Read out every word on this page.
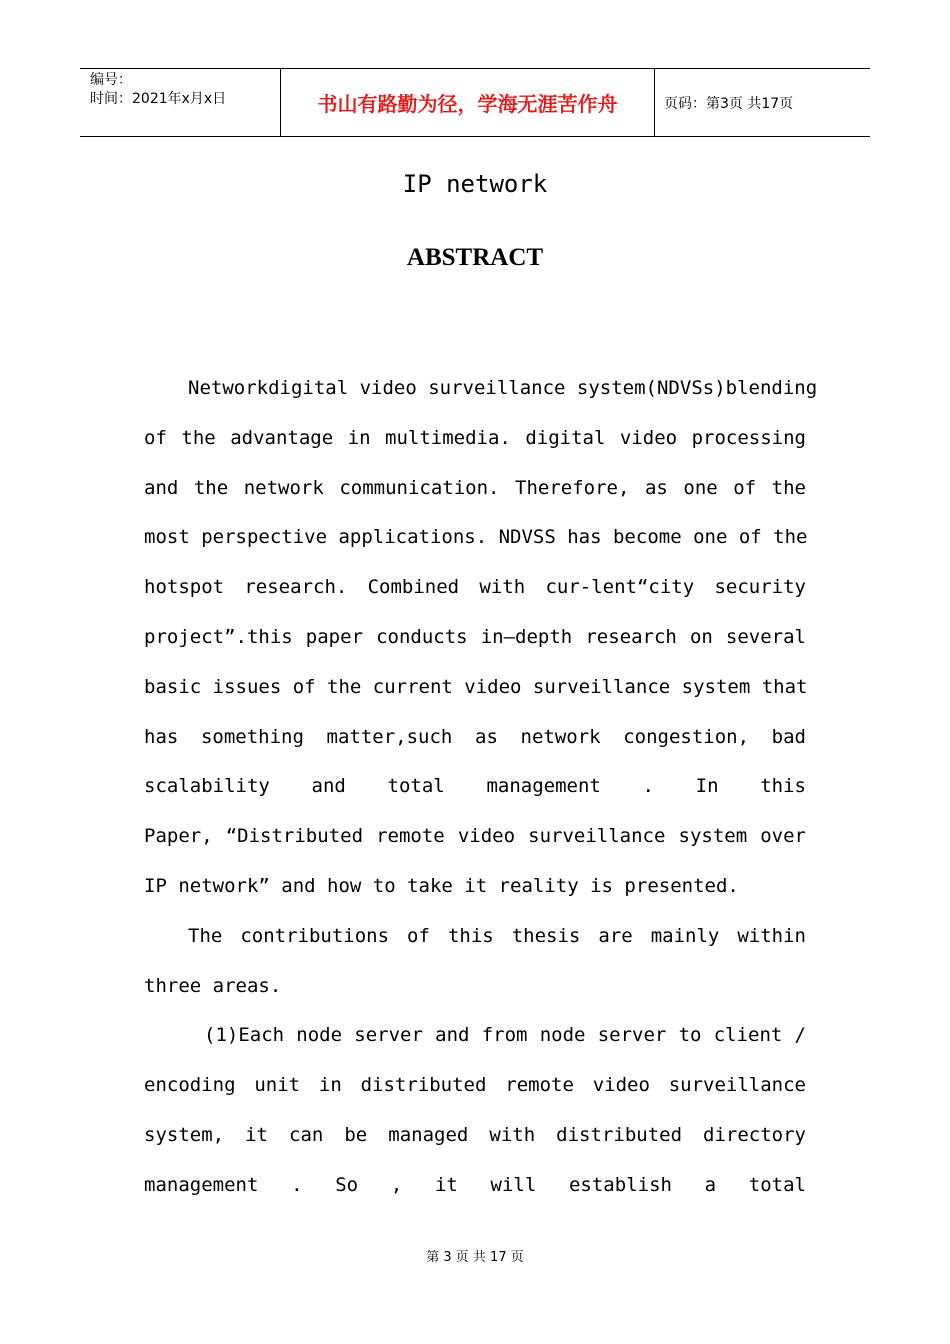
编号：
时间：2021年x月x日	书山有路勤为径，学海无涯苦作舟	页码：第3页 共17页
IP network
ABSTRACT
Networkdigital video surveillance system(NDVSs)blending
of the advantage in multimedia. digital video processing
and the network communication. Therefore, as one of the
most perspective applications. NDVSS has become one of the
hotspot research. Combined with cur-lent“city security
project”.this paper conducts in—depth research on several
basic issues of the current video surveillance system that
has something matter,such as network congestion, bad
scalability and total management . In this
Paper, “Distributed remote video surveillance system over
IP network” and how to take it reality is presented.
The contributions of this thesis are mainly within
three areas.
(1)Each node server and from node server to client /
encoding unit in distributed remote video surveillance
system, it can be managed with distributed directory
management . So , it will establish a total
第 3 页 共 17 页
